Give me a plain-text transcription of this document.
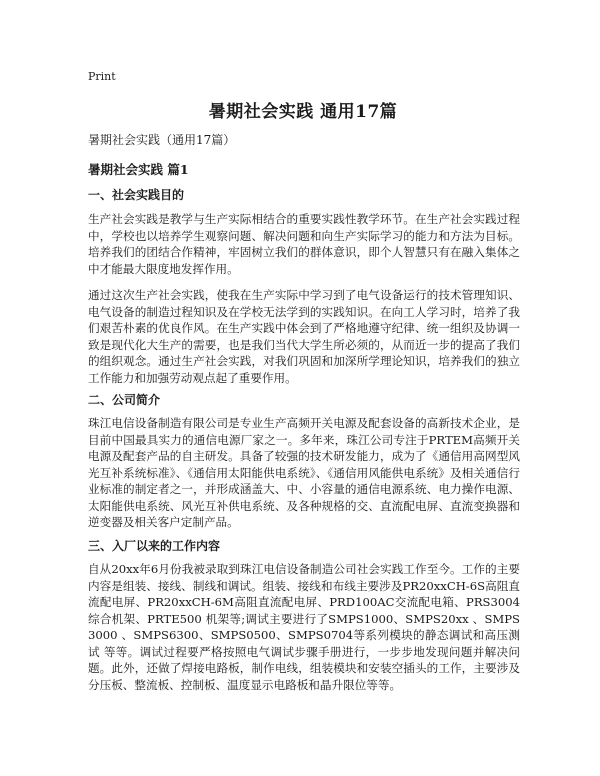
Print
暑期社会实践 通用17篇

暑期社会实践（通用17篇）

暑期社会实践 篇1
一、社会实践目的

生产社会实践是教学与生产实际相结合的重要实践性教学环节。在生产社会实践过程中，学校也以培养学生观察问题、解决问题和向生产实际学习的能力和方法为目标。培养我们的团结合作精神，牢固树立我们的群体意识，即个人智慧只有在融入集体之中才能最大限度地发挥作用。

通过这次生产社会实践，使我在生产实际中学习到了电气设备运行的技术管理知识、电气设备的制造过程知识及在学校无法学到的实践知识。在向工人学习时，培养了我们艰苦朴素的优良作风。在生产实践中体会到了严格地遵守纪律、统一组织及协调一致是现代化大生产的需要，也是我们当代大学生所必须的，从而近一步的提高了我们的组织观念。通过生产社会实践，对我们巩固和加深所学理论知识，培养我们的独立工作能力和加强劳动观点起了重要作用。

二、公司简介

珠江电信设备制造有限公司是专业生产高频开关电源及配套设备的高新技术企业，是目前中国最具实力的通信电源厂家之一。多年来，珠江公司专注于PRTEM高频开关电源及配套产品的自主研发。具备了较强的技术研发能力，成为了《通信用高网型风光互补系统标准》、《通信用太阳能供电系统》、《通信用风能供电系统》及相关通信行业标准的制定者之一，并形成涵盖大、中、小容量的通信电源系统、电力操作电源、太阳能供电系统、风光互补供电系统、及各种规格的交、直流配电屏、直流变换器和逆变器及相关客户定制产品。

三、入厂以来的工作内容

自从20xx年6月份我被录取到珠江电信设备制造公司社会实践工作至今。工作的主要内容是组装、接线、制线和调试。组装、接线和布线主要涉及PR20xxCH-6S高阻直流配电屏、PR20xxCH-6M高阻直流配电屏、PRD100AC交流配电箱、PRS3004综合机架、PRTE500 机架等;调试主要进行了SMPS1000、SMPS20xx 、SMPS3000 、SMPS6300、SMPS0500、SMPS0704等系列模块的静态调试和高压测试 等等。调试过程要严格按照电气调试步骤手册进行，一步步地发现问题并解决问题。此外，还做了焊接电路板，制作电线，组装模块和安装空插头的工作，主要涉及分压板、整流板、控制板、温度显示电路板和晶升限位等等。
